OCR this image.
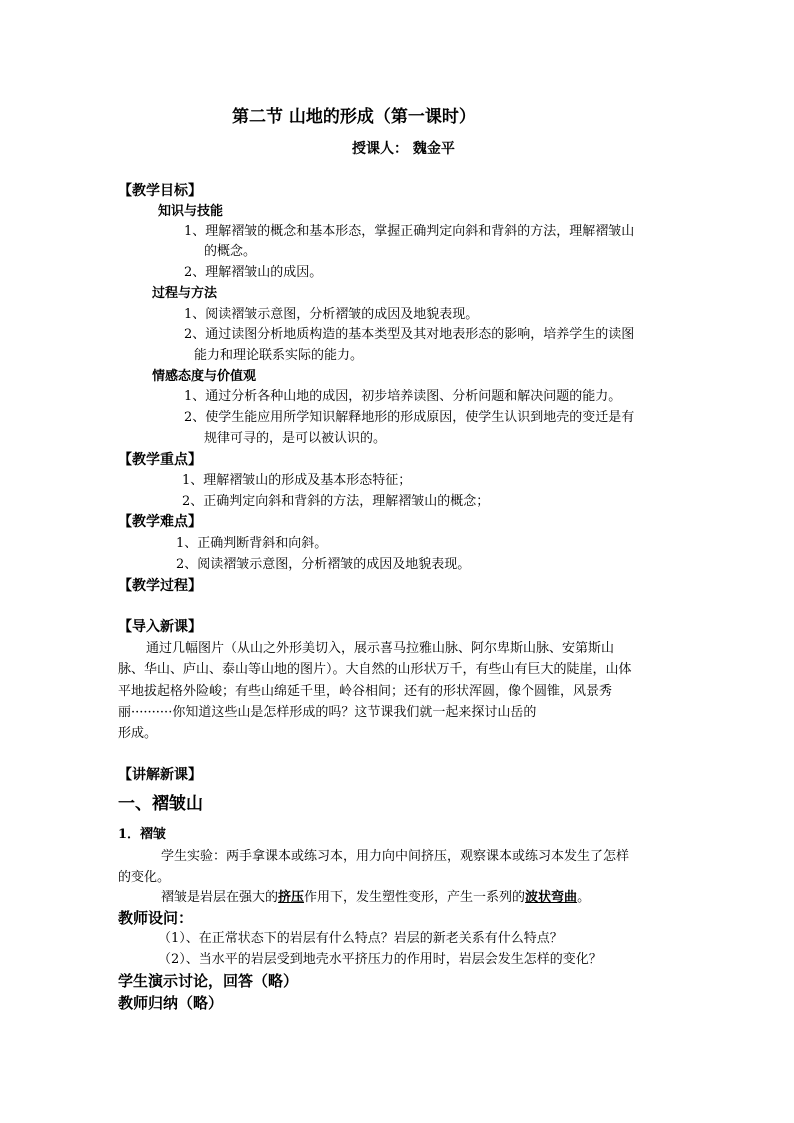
第二节 山地的形成（第一课时）
授课人： 魏金平
【教学目标】
知识与技能
1、理解褶皱的概念和基本形态，掌握正确判定向斜和背斜的方法，理解褶皱山
的概念。
2、理解褶皱山的成因。
过程与方法
1、阅读褶皱示意图，分析褶皱的成因及地貌表现。
2、通过读图分析地质构造的基本类型及其对地表形态的影响，培养学生的读图
能力和理论联系实际的能力。
情感态度与价值观
1、通过分析各种山地的成因，初步培养读图、分析问题和解决问题的能力。
2、使学生能应用所学知识解释地形的形成原因，使学生认识到地壳的变迁是有
规律可寻的，是可以被认识的。
【教学重点】
1、理解褶皱山的形成及基本形态特征；
2、正确判定向斜和背斜的方法，理解褶皱山的概念；
【教学难点】
1、正确判断背斜和向斜。
2、阅读褶皱示意图，分析褶皱的成因及地貌表现。
【教学过程】
【导入新课】
通过几幅图片（从山之外形美切入，展示喜马拉雅山脉、阿尔卑斯山脉、安第斯山
脉、华山、庐山、泰山等山地的图片）。大自然的山形状万千，有些山有巨大的陡崖，山体
平地拔起格外险峻；有些山绵延千里，岭谷相间；还有的形状浑圆，像个圆锥，风景秀
丽··········你知道这些山是怎样形成的吗？这节课我们就一起来探讨山岳的
形成。
【讲解新课】
一、褶皱山
1．褶皱
学生实验：两手拿课本或练习本，用力向中间挤压，观察课本或练习本发生了怎样
的变化。
褶皱是岩层在强大的挤压作用下，发生塑性变形，产生一系列的波状弯曲。
教师设问：
（1）、在正常状态下的岩层有什么特点？岩层的新老关系有什么特点？
（2）、当水平的岩层受到地壳水平挤压力的作用时，岩层会发生怎样的变化？
学生演示讨论，回答（略）
教师归纳（略）
